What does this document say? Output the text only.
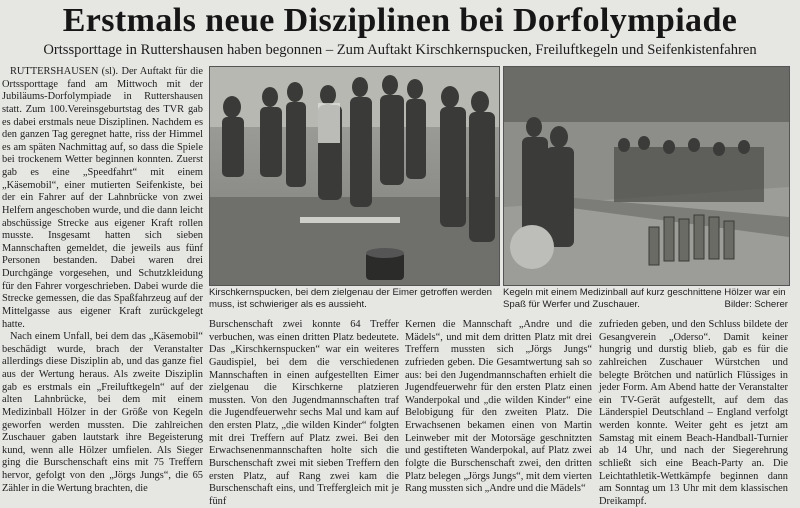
Erstmals neue Disziplinen bei Dorfolympiade
Ortssporttage in Ruttershausen haben begonnen – Zum Auftakt Kirschkernspucken, Freiluftkegeln und Seifenkistenfahren

RUTTERSHAUSEN (sl). Der Auftakt für die Ortssporttage fand am Mittwoch mit der Jubiläums-Dorfolympiade in Ruttershausen statt. Zum 100.Vereinsgeburtstag des TVR gab es dabei erstmals neue Disziplinen. Nachdem es den ganzen Tag geregnet hatte, riss der Himmel es am späten Nachmittag auf, so dass die Spiele bei trockenem Wetter beginnen konnten. Zuerst gab es eine „Speedfahrt“ mit einem „Käsemobil“, einer mutierten Seifenkiste, bei der ein Fahrer auf der Lahnbrücke von zwei Helfern angeschoben wurde, und die dann leicht abschüssige Strecke aus eigener Kraft rollen musste. Insgesamt hatten sich sieben Mannschaften gemeldet, die jeweils aus fünf Personen bestanden. Dabei waren drei Durchgänge vorgesehen, und Schutzkleidung für den Fahrer vorgeschrieben. Dabei wurde die Strecke gemessen, die das Spaßfahrzeug auf der Mittelgasse aus eigener Kraft zurückgelegt hatte.

Nach einem Unfall, bei dem das „Käsemobil“ beschädigt wurde, brach der Veranstalter allerdings diese Disziplin ab, und das ganze fiel aus der Wertung heraus. Als zweite Disziplin gab es erstmals ein „Freiluftkegeln“ auf der alten Lahnbrücke, bei dem mit einem Medizinball Hölzer in der Größe von Kegeln geworfen werden mussten. Die zahlreichen Zuschauer gaben lautstark ihre Begeisterung kund, wenn alle Hölzer umfielen. Als Sieger ging die Burschenschaft eins mit 75 Treffern hervor, gefolgt von den „Jörgs Jungs“, die 65 Zähler in die Wertung brachten, die

Kirschkernspucken, bei dem zielgenau der Eimer getroffen werden muss, ist schwieriger als es aussieht.
Kegeln mit einem Medizinball auf kurz geschnittene Hölzer war ein Spaß für Werfer und Zuschauer.	Bilder: Scherer

Burschenschaft zwei konnte 64 Treffer verbuchen, was einen dritten Platz bedeutete. Das „Kirschkernspucken“ war ein weiteres Gaudispiel, bei dem die verschiedenen Mannschaften in einen aufgestellten Eimer zielgenau die Kirschkerne platzieren mussten. Von den Jugendmannschaften traf die Jugendfeuerwehr sechs Mal und kam auf den ersten Platz, „die wilden Kinder“ folgten mit drei Treffern auf Platz zwei. Bei den Erwachsenenmannschaften holte sich die Burschenschaft zwei mit sieben Treffern den ersten Platz, auf Rang zwei kam die Burschenschaft eins, und Treffergleich mit je fünf

Kernen die Mannschaft „Andre und die Mädels“, und mit dem dritten Platz mit drei Treffern mussten sich „Jörgs Jungs“ zufrieden geben. Die Gesamtwertung sah so aus: bei den Jugendmannschaften erhielt die Jugendfeuerwehr für den ersten Platz einen Wanderpokal und „die wilden Kinder“ eine Belobigung für den zweiten Platz. Die Erwachsenen bekamen einen von Martin Leinweber mit der Motorsäge geschnitzten und gestifteten Wanderpokal, auf Platz zwei folgte die Burschenschaft zwei, den dritten Platz belegen „Jörgs Jungs“, mit dem vierten Rang mussten sich „Andre und die Mädels“

zufrieden geben, und den Schluss bildete der Gesangverein „Oderso“. Damit keiner hungrig und durstig blieb, gab es für die zahlreichen Zuschauer Würstchen und belegte Brötchen und natürlich Flüssiges in jeder Form. Am Abend hatte der Veranstalter ein TV-Gerät aufgestellt, auf dem das Länderspiel Deutschland – England verfolgt werden konnte. Weiter geht es jetzt am Samstag mit einem Beach-Handball-Turnier ab 14 Uhr, und nach der Siegerehrung schließt sich eine Beach-Party an. Die Leichtathletik-Wettkämpfe beginnen dann am Sonntag um 13 Uhr mit dem klassischen Dreikampf.
